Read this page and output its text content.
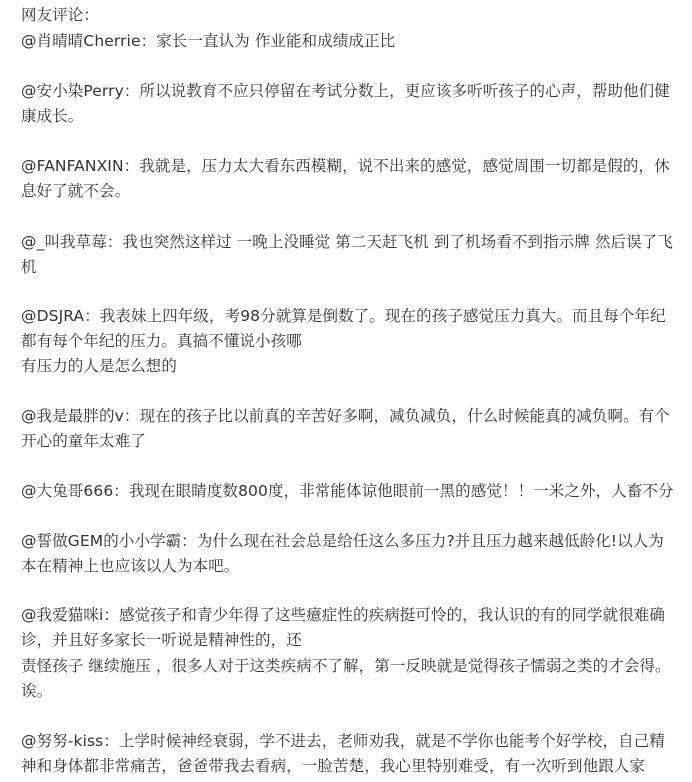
网友评论：
@肖晴晴Cherrie：家长一直认为 作业能和成绩成正比
@安小染Perry：所以说教育不应只停留在考试分数上，更应该多听听孩子的心声，帮助他们健
康成长。
@FANFANXIN：我就是，压力太大看东西模糊，说不出来的感觉，感觉周围一切都是假的，休
息好了就不会。
@_叫我草莓：我也突然这样过 一晚上没睡觉 第二天赶飞机 到了机场看不到指示牌 然后误了飞
机
@DSJRA：我表妹上四年级，考98分就算是倒数了。现在的孩子感觉压力真大。而且每个年纪
都有每个年纪的压力。真搞不懂说小孩哪
有压力的人是怎么想的
@我是最胖的v：现在的孩子比以前真的辛苦好多啊，减负减负，什么时候能真的减负啊。有个
开心的童年太难了
@大兔哥666：我现在眼睛度数800度，非常能体谅他眼前一黑的感觉！！一米之外，人畜不分
@誓做GEM的小小学霸：为什么现在社会总是给任这么多压力?并且压力越来越低龄化!以人为
本在精神上也应该以人为本吧。
@我爱猫咪i：感觉孩子和青少年得了这些癔症性的疾病挺可怜的，我认识的有的同学就很难确
诊，并且好多家长一听说是精神性的，还
责怪孩子 继续施压 ，很多人对于这类疾病不了解，第一反映就是觉得孩子懦弱之类的才会得。
诶。
@努努-kiss：上学时候神经衰弱，学不进去，老师劝我，就是不学你也能考个好学校，自己精
神和身体都非常痛苦，爸爸带我去看病，一脸苦楚，我心里特别难受，有一次听到他跟人家
